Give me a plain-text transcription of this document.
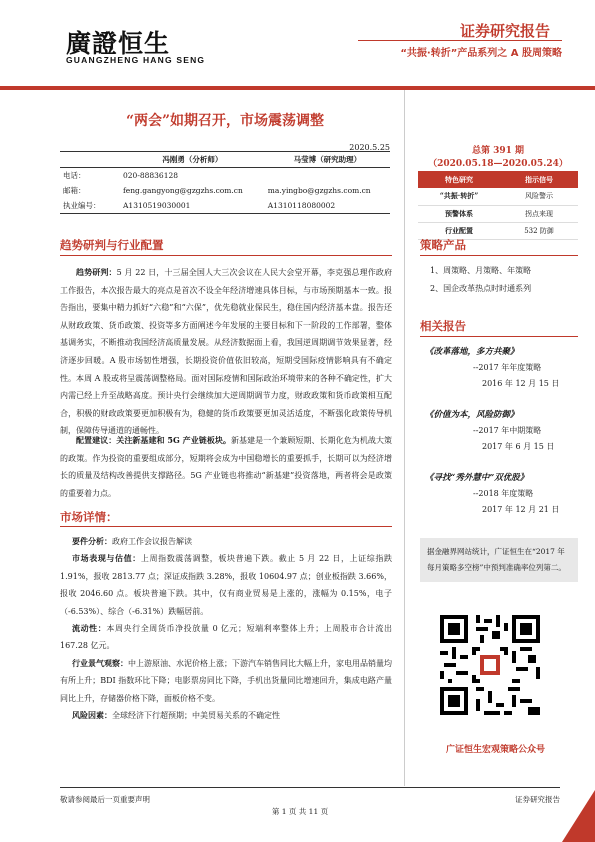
廣證恒生
GUANGZHENG HANG SENG
证券研究报告
“共振·转折”产品系列之 A 股周策略
“两会”如期召开，市场震荡调整
2020.5.25	总第 391 期
（2020.05.18—2020.05.24）
	冯刚勇（分析师）	马莹博（研究助理）
电话：	020-88836128	
邮箱：	feng.gangyong@gzgzhs.com.cn	ma.yingbo@gzgzhs.com.cn
执业编号：	A1310519030001	A1310118080002
特色研究	指示信号
“共振·转折”	风险警示
预警体系	拐点来现
行业配置	532 防御
趋势研判与行业配置
趋势研判：5 月 22 日，十三届全国人大三次会议在人民大会堂开幕，李克强总理作政府工作报告，本次报告最大的亮点是首次不设全年经济增速具体目标，与市场预期基本一致。报告指出，要集中精力抓好“六稳”和“六保”，优先稳就业保民生，稳住国内经济基本盘。报告还从财政政策、货币政策、投资等多方面阐述今年发展的主要目标和下一阶段的工作部署，整体基调务实，不断推动我国经济高质量发展。从经济数据面上看，我国逆周期调节效果显著，经济逐步回暖。A 股市场韧性增强，长期投资价值依旧较高，短期受国际疫情影响具有不确定性。本周 A 股或将呈震荡调整格局。面对国际疫情和国际政治环境带来的各种不确定性，扩大内需已经上升至战略高度。预计央行会继续加大逆周期调节力度，财政政策和货币政策相互配合，积极的财政政策要更加积极有为，稳健的货币政策要更加灵活适度，不断强化政策传导机制，保障传导通道的通畅性。
配置建议：关注新基建和 5G 产业链板块。新基建是一个兼顾短期、长期化危为机战大策的政策。作为投资的重要组成部分，短期将会成为中国稳增长的重要抓手，长期可以为经济增长的质量及结构改善提供支撑路径。5G 产业链也将推动“新基建”投资落地，两者将会是政策的重要着力点。
市场详情：
要件分析：政府工作会议报告解读
市场表现与估值：上周指数震荡调整，板块普遍下跌。截止 5 月 22 日，上证综指跌 1.91%，报收 2813.77 点；深证成指跌 3.28%，报收 10604.97 点；创业板指跌 3.66%，报收 2046.60 点。板块普遍下跌。其中，仅有商业贸易是上涨的，涨幅为 0.15%，电子（-6.53%）、综合（-6.31%）跌幅居前。
流动性：本周央行全周货币净投放量 0 亿元；短端利率整体上升；上周股市合计流出 167.28 亿元。
行业景气观察：中上游原油、水泥价格上涨；下游汽车销售同比大幅上升，家电用品销量均有所上升；BDI 指数环比下降；电影票房同比下降，手机出货量同比增速回升，集成电路产量同比上升，存储器价格下降，面板价格不变。
风险因素：全球经济下行超预期；中美贸易关系的不确定性
策略产品
1、周策略、月策略、年策略
2、国企改革热点时时通系列
相关报告
《改革落地，多方共聚》
--2017 年年度策略
2016 年 12 月 15 日
《价值为本，风险防御》
--2017 年中期策略
2017 年 6 月 15 日
《寻找“秀外慧中”双优股》
--2018 年度策略
2017 年 12 月 21 日
据金融界网站统计，广证恒生在“2017 年每月策略多空榜”中预判准确率位列第二。
广证恒生宏观策略公众号
敬请参阅最后一页重要声明
第 1 页 共 11 页
证券研究报告
